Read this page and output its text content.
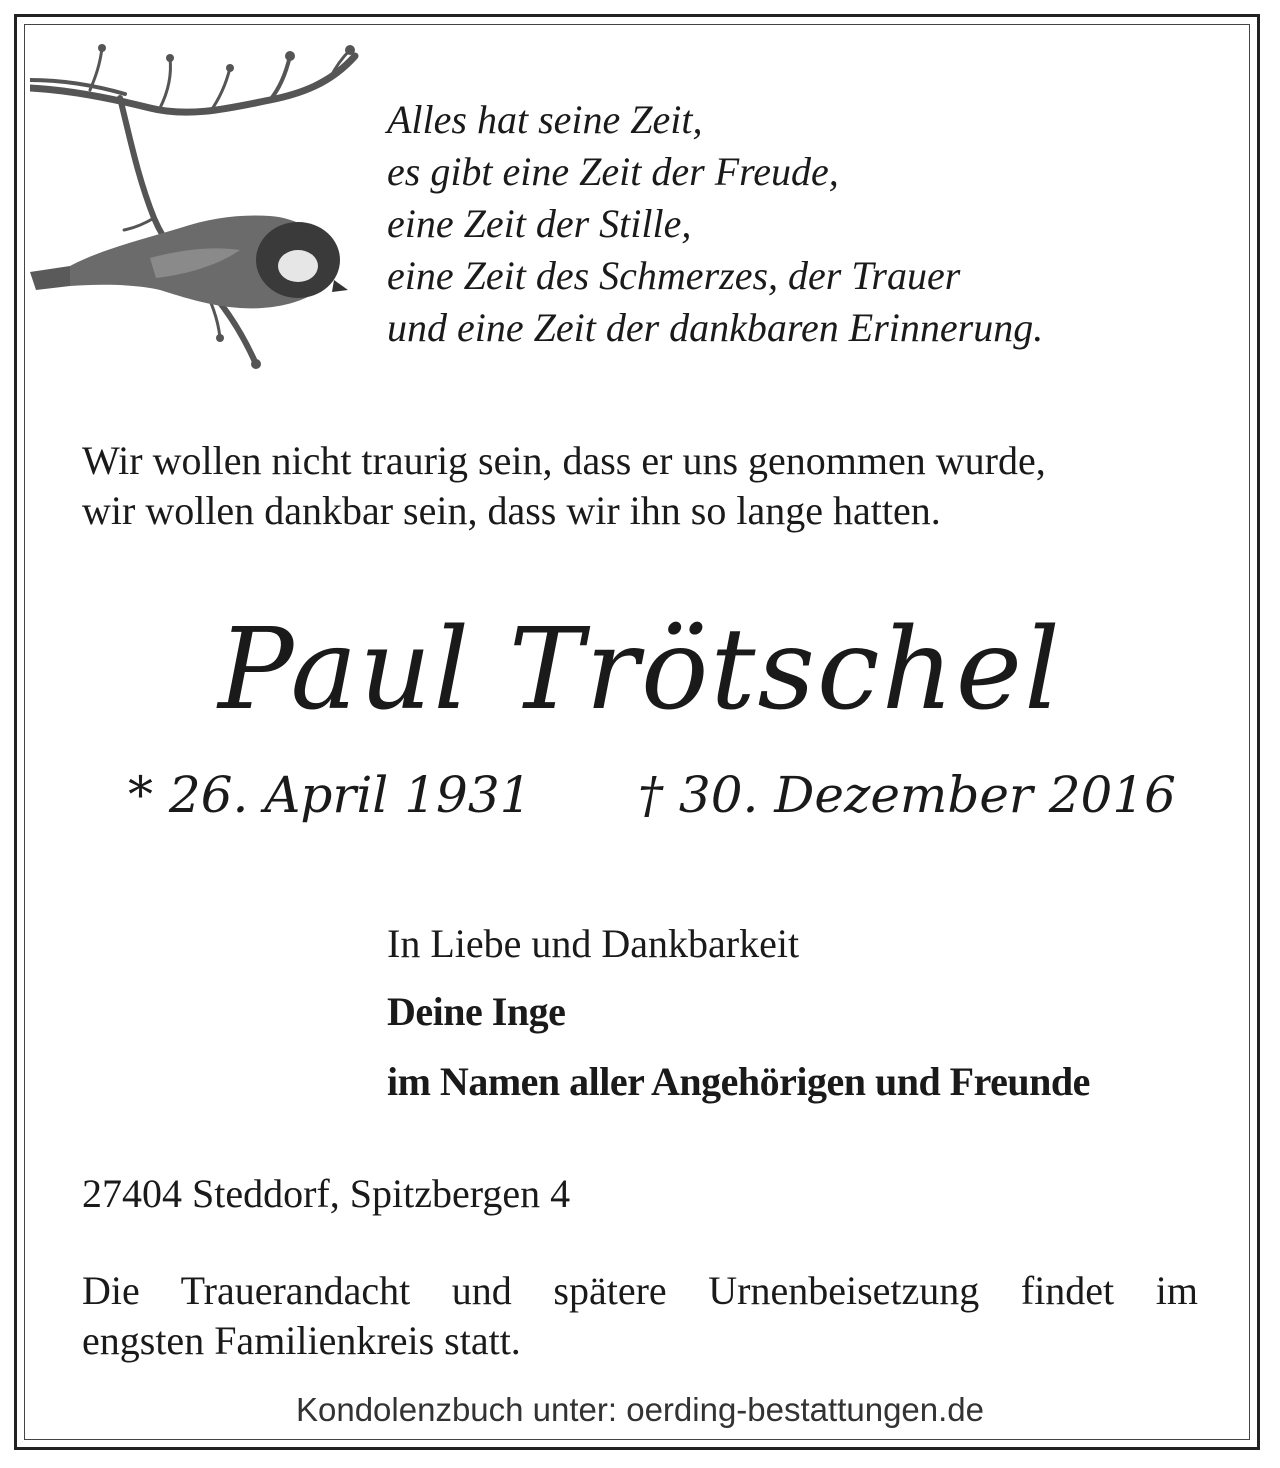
Alles hat seine Zeit,
es gibt eine Zeit der Freude,
eine Zeit der Stille,
eine Zeit des Schmerzes, der Trauer
und eine Zeit der dankbaren Erinnerung.
Wir wollen nicht traurig sein, dass er uns genommen wurde,
wir wollen dankbar sein, dass wir ihn so lange hatten.
Paul Trötschel
* 26. April 1931 † 30. Dezember 2016
In Liebe und Dankbarkeit
Deine Inge
im Namen aller Angehörigen und Freunde
27404 Steddorf, Spitzbergen 4
Die Trauerandacht und spätere Urnenbeisetzung findet im
engsten Familienkreis statt.
Kondolenzbuch unter: oerding-bestattungen.de
